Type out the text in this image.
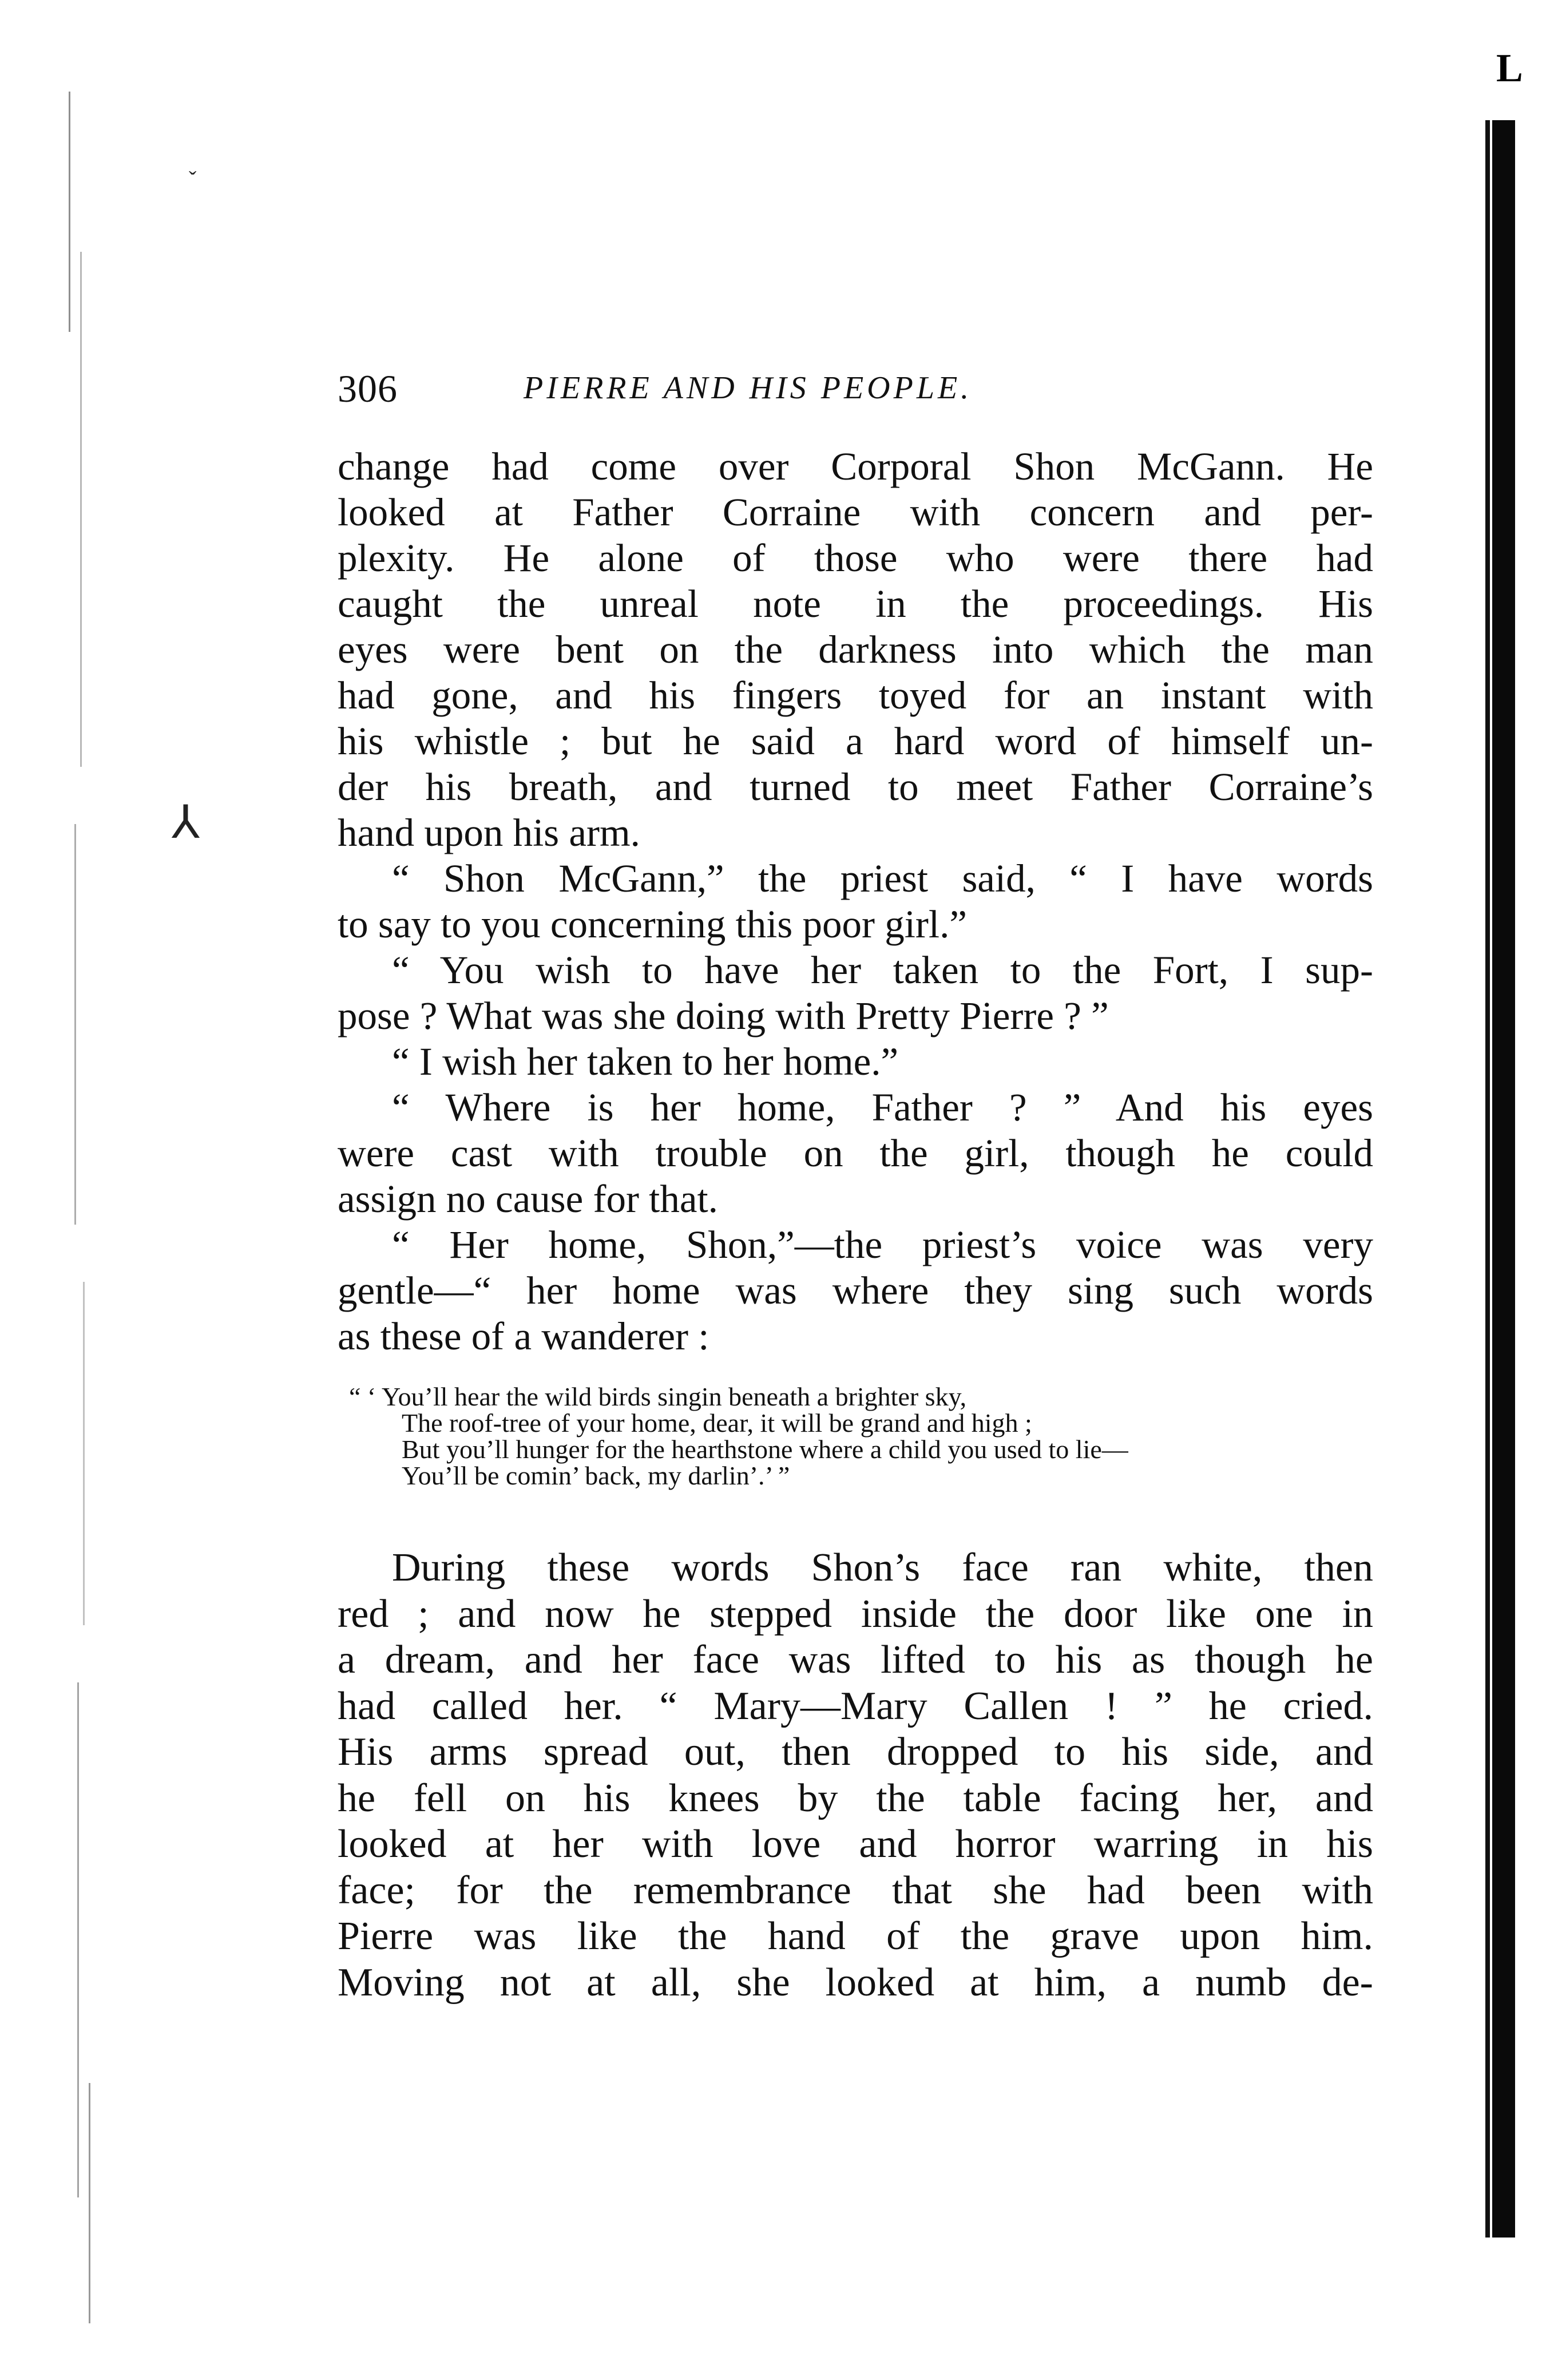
L
ˇ
⅄
306	PIERRE AND HIS PEOPLE.
change had come over Corporal Shon McGann. He
looked at Father Corraine with concern and per-
plexity. He alone of those who were there had
caught the unreal note in the proceedings. His
eyes were bent on the darkness into which the man
had gone, and his fingers toyed for an instant with
his whistle ; but he said a hard word of himself un-
der his breath, and turned to meet Father Corraine’s
hand upon his arm.
“ Shon McGann,” the priest said, “ I have words
to say to you concerning this poor girl.”
“ You wish to have her taken to the Fort, I sup-
pose ? What was she doing with Pretty Pierre ? ”
“ I wish her taken to her home.”
“ Where is her home, Father ? ” And his eyes
were cast with trouble on the girl, though he could
assign no cause for that.
“ Her home, Shon,”—the priest’s voice was very
gentle—“ her home was where they sing such words
as these of a wanderer :
“ ‘ You’ll hear the wild birds singin beneath a brighter sky,
The roof-tree of your home, dear, it will be grand and high ;
But you’ll hunger for the hearthstone where a child you used to lie—
You’ll be comin’ back, my darlin’.’ ”
During these words Shon’s face ran white, then
red ; and now he stepped inside the door like one in
a dream, and her face was lifted to his as though he
had called her. “ Mary—Mary Callen ! ” he cried.
His arms spread out, then dropped to his side, and
he fell on his knees by the table facing her, and
looked at her with love and horror warring in his
face; for the remembrance that she had been with
Pierre was like the hand of the grave upon him.
Moving not at all, she looked at him, a numb de-
